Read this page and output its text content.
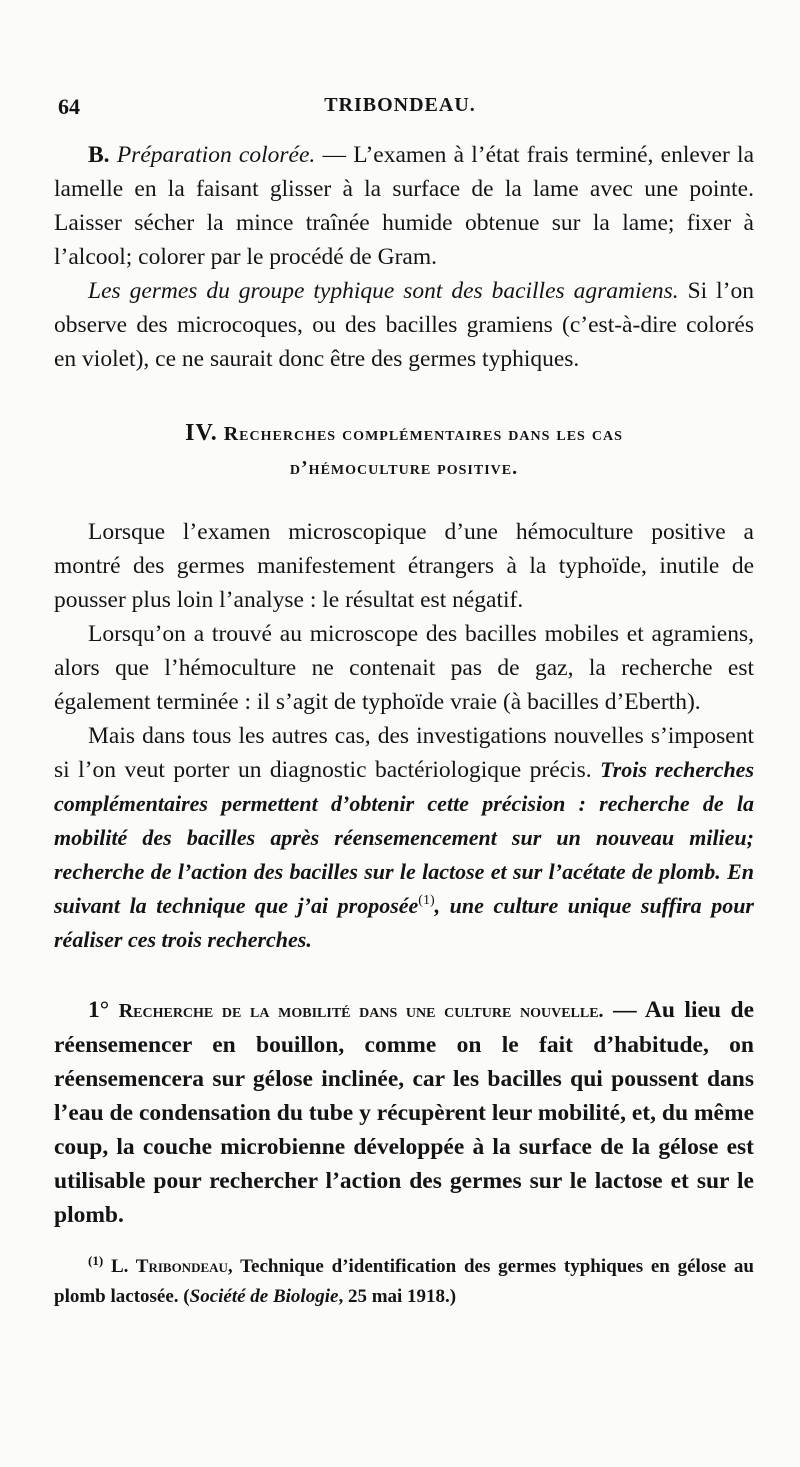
64	TRIBONDEAU.

B. Préparation colorée. — L’examen à l’état frais terminé, enlever la lamelle en la faisant glisser à la surface de la lame avec une pointe. Laisser sécher la mince traînée humide obtenue sur la lame; fixer à l’alcool; colorer par le procédé de Gram.

Les germes du groupe typhique sont des bacilles agramiens. Si l’on observe des microcoques, ou des bacilles gramiens (c’est-à-dire colorés en violet), ce ne saurait donc être des germes typhiques.

IV. Recherches complémentaires dans les cas
d’hémoculture positive.

Lorsque l’examen microscopique d’une hémoculture positive a montré des germes manifestement étrangers à la typhoïde, inutile de pousser plus loin l’analyse : le résultat est négatif.

Lorsqu’on a trouvé au microscope des bacilles mobiles et agramiens, alors que l’hémoculture ne contenait pas de gaz, la recherche est également terminée : il s’agit de typhoïde vraie (à bacilles d’Eberth).

Mais dans tous les autres cas, des investigations nouvelles s’imposent si l’on veut porter un diagnostic bactériologique précis. Trois recherches complémentaires permettent d’obtenir cette précision : recherche de la mobilité des bacilles après réensemencement sur un nouveau milieu; recherche de l’action des bacilles sur le lactose et sur l’acétate de plomb. En suivant la technique que j’ai proposée$^{(1)}$, une culture unique suffira pour réaliser ces trois recherches.

1° Recherche de la mobilité dans une culture nouvelle. — Au lieu de réensemencer en bouillon, comme on le fait d’habitude, on réensemencera sur gélose inclinée, car les bacilles qui poussent dans l’eau de condensation du tube y récupèrent leur mobilité, et, du même coup, la couche microbienne développée à la surface de la gélose est utilisable pour rechercher l’action des germes sur le lactose et sur le plomb.

$^{(1)}$ L. Tribondeau, Technique d’identification des germes typhiques en gélose au plomb lactosée. (Société de Biologie, 25 mai 1918.)
